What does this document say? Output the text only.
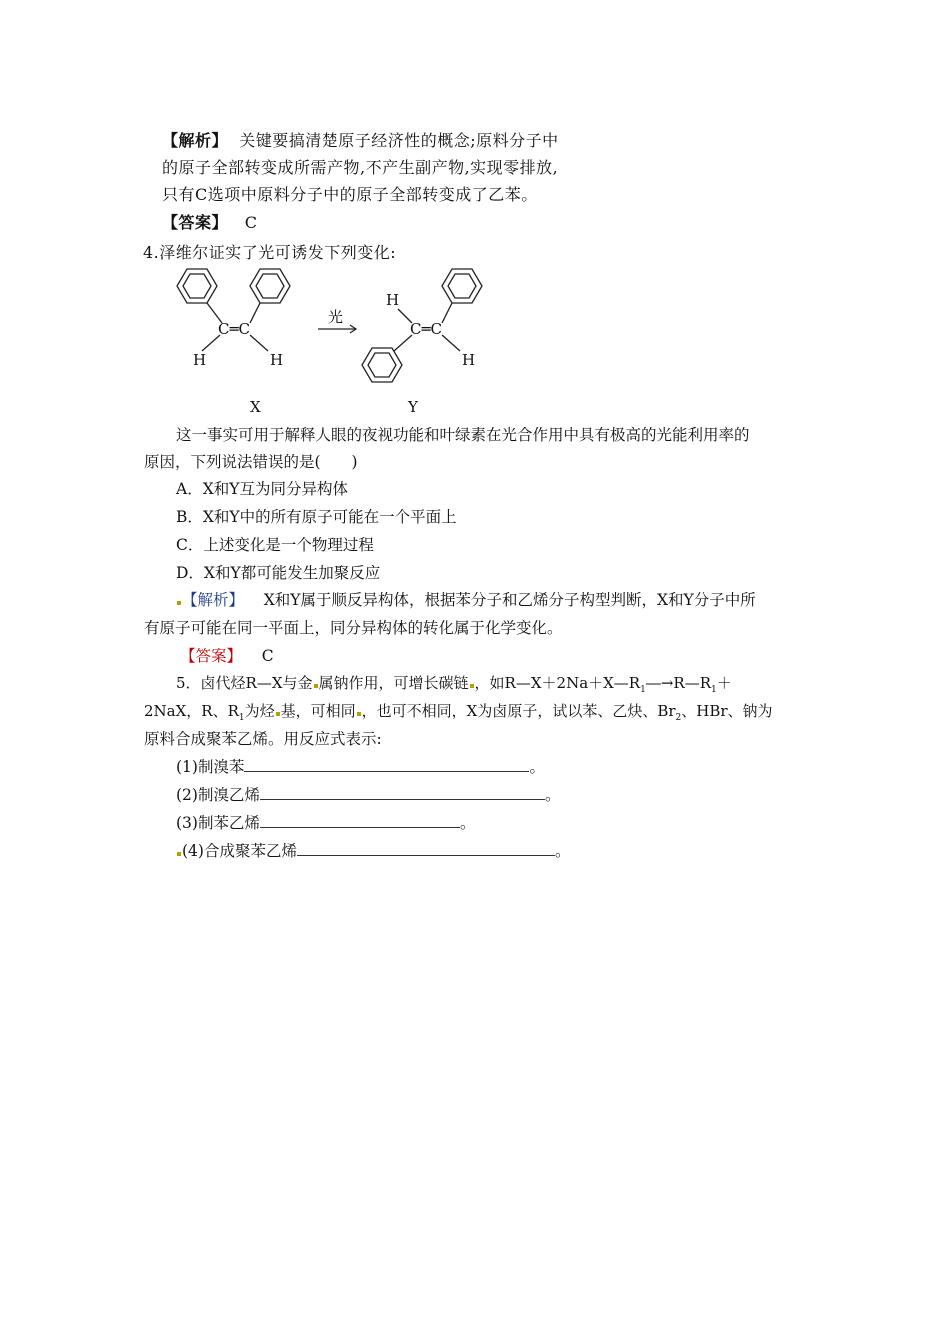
【解析】 关键要搞清楚原子经济性的概念;原料分子中
的原子全部转变成所需产物,不产生副产物,实现零排放,
只有C选项中原料分子中的原子全部转变成了乙苯。
【答案】 C
4.泽维尔证实了光可诱发下列变化:
C═C
H	H
光
C═C
H
H
X	Y
这一事实可用于解释人眼的夜视功能和叶绿素在光合作用中具有极高的光能利用率的
原因，下列说法错误的是(　　)
A．X和Y互为同分异构体
B．X和Y中的所有原子可能在一个平面上
C．上述变化是一个物理过程
D．X和Y都可能发生加聚反应
【解析】 X和Y属于顺反异构体，根据苯分子和乙烯分子构型判断，X和Y分子中所
有原子可能在同一平面上，同分异构体的转化属于化学变化。
【答案】 C
5．卤代烃R—X与金 属钠作用，可增长碳链 ，如$R—X+2Na+X—R_1―\to R—R_1+$
2NaX，R、$R_1$为烃 基，可相同 ，也可不相同，X为卤原子，试以苯、乙炔、$Br_2$、HBr、钠为
原料合成聚苯乙烯。用反应式表示:
(1)制溴苯	。
(2)制溴乙烯	。
(3)制苯乙烯	。
(4)合成聚苯乙烯	。
